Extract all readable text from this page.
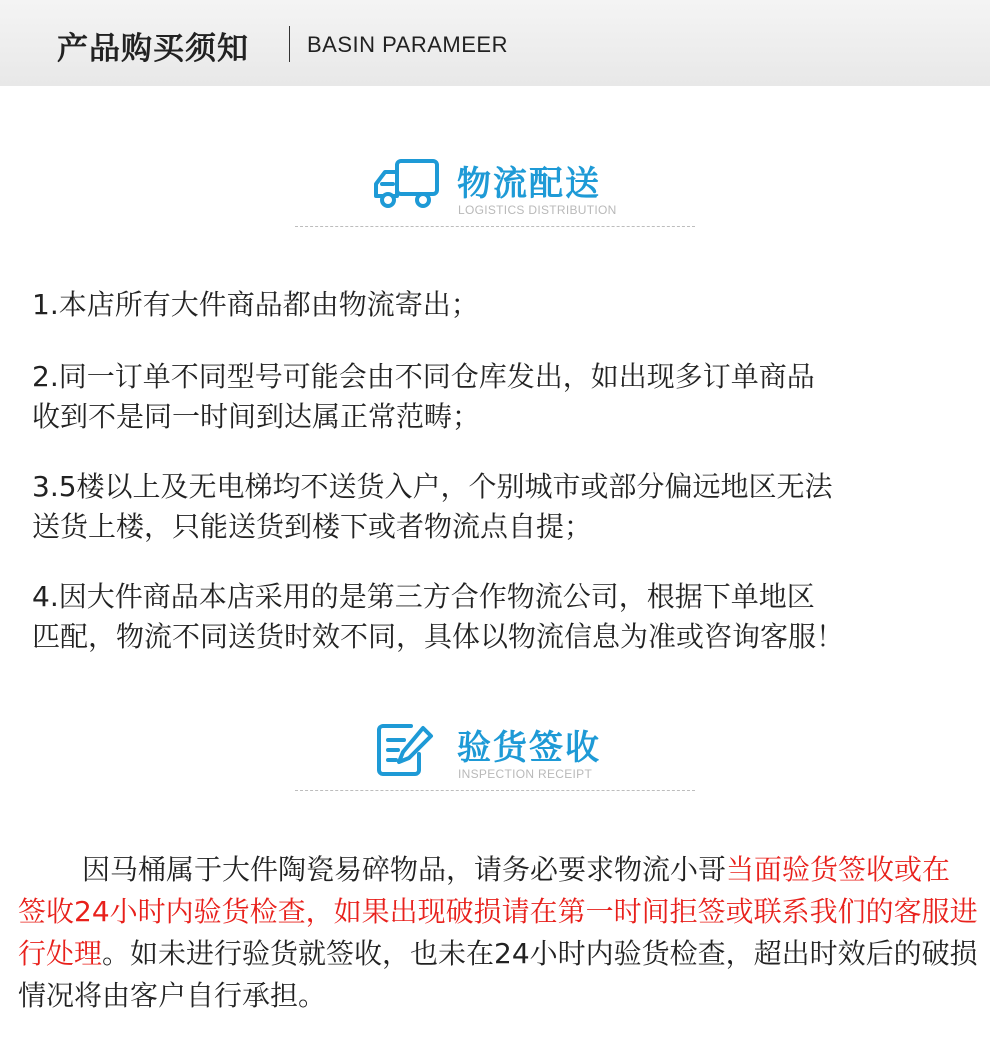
产品购买须知	BASIN PARAMEER
物流配送
LOGISTICS DISTRIBUTION
1.本店所有大件商品都由物流寄出；
2.同一订单不同型号可能会由不同仓库发出，如出现多订单商品
收到不是同一时间到达属正常范畴；
3.5楼以上及无电梯均不送货入户，个别城市或部分偏远地区无法
送货上楼，只能送货到楼下或者物流点自提；
4.因大件商品本店采用的是第三方合作物流公司，根据下单地区
匹配，物流不同送货时效不同，具体以物流信息为准或咨询客服！
验货签收
INSPECTION RECEIPT
因马桶属于大件陶瓷易碎物品，请务必要求物流小哥当面验货签收或在签收24小时内验货检查，如果出现破损请在第一时间拒签或联系我们的客服进行处理。如未进行验货就签收，也未在24小时内验货检查，超出时效后的破损情况将由客户自行承担。
